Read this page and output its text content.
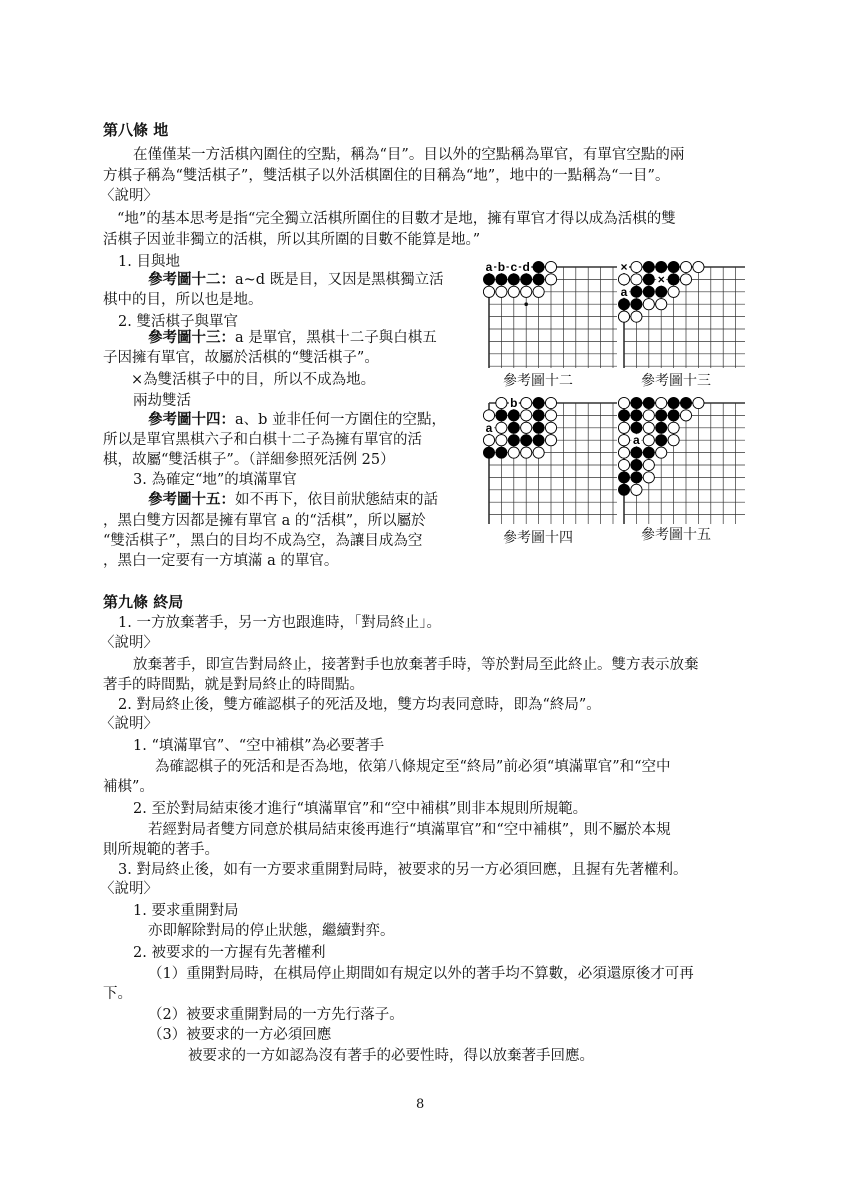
第八條 地
在僅僅某一方活棋內圍住的空點，稱為“目”。目以外的空點稱為單官，有單官空點的兩
方棋子稱為“雙活棋子”，雙活棋子以外活棋圍住的目稱為“地”，地中的一點稱為“一目”。
〈說明〉
“地”的基本思考是指“完全獨立活棋所圍住的目數才是地，擁有單官才得以成為活棋的雙
活棋子因並非獨立的活棋，所以其所圍的目數不能算是地。”
1. 目與地
參考圖十二：a~d 既是目，又因是黑棋獨立活
棋中的目，所以也是地。
2. 雙活棋子與單官
參考圖十三：a 是單官，黑棋十二子與白棋五
子因擁有單官，故屬於活棋的“雙活棋子”。
×為雙活棋子中的目，所以不成為地。
兩劫雙活
參考圖十四：a、b 並非任何一方圍住的空點，
所以是單官黑棋六子和白棋十二子為擁有單官的活
棋，故屬“雙活棋子”。（詳細參照死活例 25）
3. 為確定“地”的填滿單官
參考圖十五：如不再下，依目前狀態結束的話
，黑白雙方因都是擁有單官 a 的“活棋”，所以屬於
“雙活棋子”，黑白的目均不成為空，為讓目成為空
，黑白一定要有一方填滿 a 的單官。
a b c d
參考圖十二
×
×
a
參考圖十三
b
a
參考圖十四
a
參考圖十五
第九條 終局
1. 一方放棄著手，另一方也跟進時，「對局終止」。
〈說明〉
放棄著手，即宣告對局終止，接著對手也放棄著手時，等於對局至此終止。雙方表示放棄
著手的時間點，就是對局終止的時間點。
2. 對局終止後，雙方確認棋子的死活及地，雙方均表同意時，即為“終局”。
〈說明〉
1. “填滿單官”、“空中補棋”為必要著手
為確認棋子的死活和是否為地，依第八條規定至“終局”前必須“填滿單官”和“空中
補棋”。
2. 至於對局結束後才進行“填滿單官”和“空中補棋”則非本規則所規範。
若經對局者雙方同意於棋局結束後再進行“填滿單官”和“空中補棋”，則不屬於本規
則所規範的著手。
3. 對局終止後，如有一方要求重開對局時，被要求的另一方必須回應，且握有先著權利。
〈說明〉
1. 要求重開對局
亦即解除對局的停止狀態，繼續對弈。
2. 被要求的一方握有先著權利
（1）重開對局時，在棋局停止期間如有規定以外的著手均不算數，必須還原後才可再
下。
（2）被要求重開對局的一方先行落子。
（3）被要求的一方必須回應
被要求的一方如認為沒有著手的必要性時，得以放棄著手回應。
8
